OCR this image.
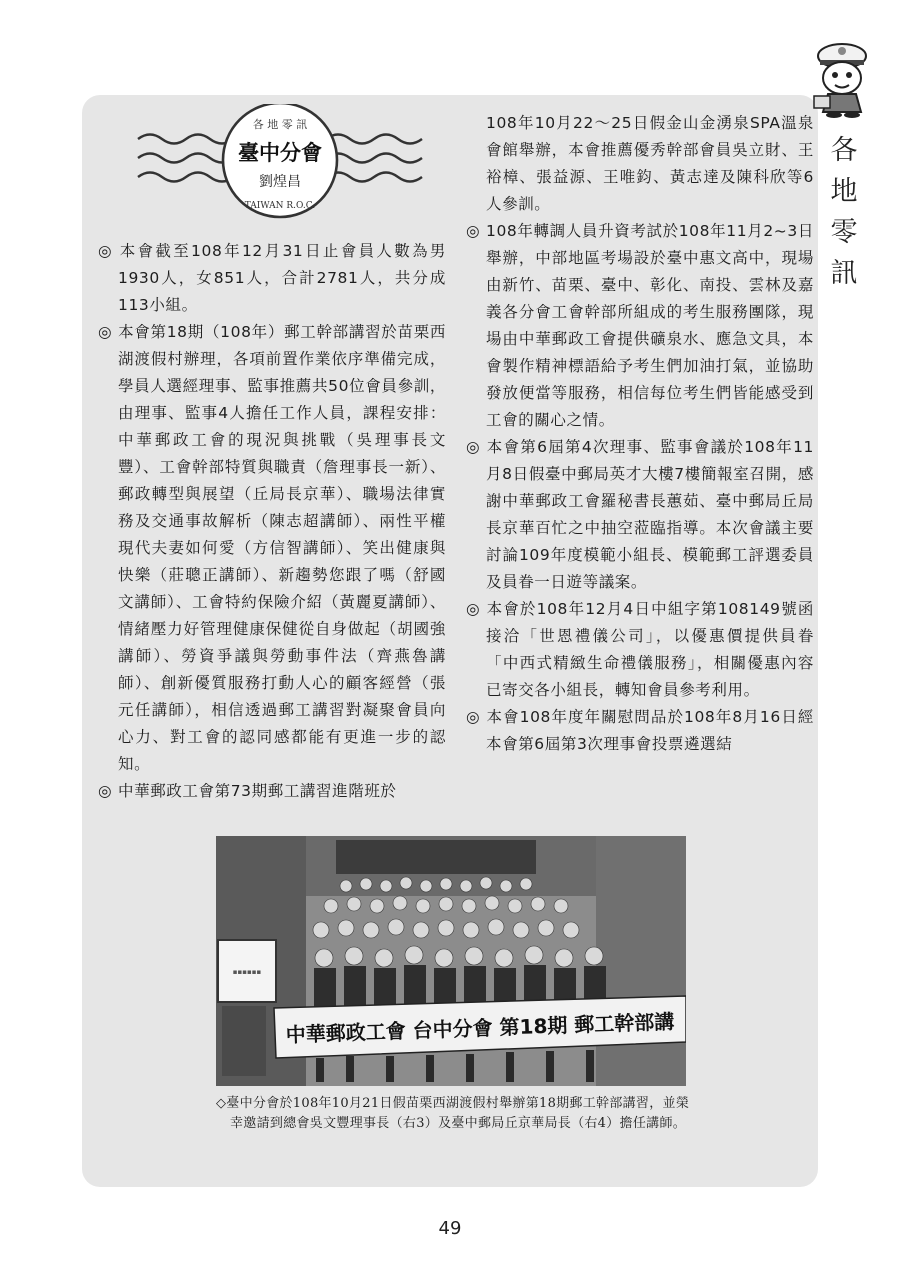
各 地 零 訊
臺中分會
劉煌昌
TAIWAN R.O.C.
各
地
零
訊

◎ 本會截至108年12月31日止會員人數為男1930人，女851人，合計2781人，共分成113小組。

◎ 本會第18期（108年）郵工幹部講習於苗栗西湖渡假村辦理，各項前置作業依序準備完成，學員人選經理事、監事推薦共50位會員參訓，由理事、監事4人擔任工作人員，課程安排：中華郵政工會的現況與挑戰（吳理事長文豐）、工會幹部特質與職責（詹理事長一新）、郵政轉型與展望（丘局長京華）、職場法律實務及交通事故解析（陳志超講師）、兩性平權現代夫妻如何愛（方信智講師）、笑出健康與快樂（莊聰正講師）、新趨勢您跟了嗎（舒國文講師）、工會特約保險介紹（黃麗夏講師）、情緒壓力好管理健康保健從自身做起（胡國強講師）、勞資爭議與勞動事件法（齊燕魯講師）、創新優質服務打動人心的顧客經營（張元任講師），相信透過郵工講習對凝聚會員向心力、對工會的認同感都能有更進一步的認知。

◎ 中華郵政工會第73期郵工講習進階班於

108年10月22～25日假金山金湧泉SPA溫泉會館舉辦，本會推薦優秀幹部會員吳立財、王裕樟、張益源、王唯鈞、黃志達及陳科欣等6人參訓。

◎ 108年轉調人員升資考試於108年11月2~3日舉辦，中部地區考場設於臺中惠文高中，現場由新竹、苗栗、臺中、彰化、南投、雲林及嘉義各分會工會幹部所組成的考生服務團隊，現場由中華郵政工會提供礦泉水、應急文具，本會製作精神標語給予考生們加油打氣，並協助發放便當等服務，相信每位考生們皆能感受到工會的關心之情。

◎ 本會第6屆第4次理事、監事會議於108年11月8日假臺中郵局英才大樓7樓簡報室召開，感謝中華郵政工會羅秘書長蕙茹、臺中郵局丘局長京華百忙之中抽空蒞臨指導。本次會議主要討論109年度模範小組長、模範郵工評選委員及員眷一日遊等議案。

◎ 本會於108年12月4日中組字第108149號函接洽「世恩禮儀公司」，以優惠價提供員眷「中西式精緻生命禮儀服務」，相關優惠內容已寄交各小組長，轉知會員參考利用。

◎ 本會108年度年關慰問品於108年8月16日經本會第6屆第3次理事會投票遴選結

▪▪▪▪▪▪
中華郵政工會 台中分會 第18期 郵工幹部講
◇臺中分會於108年10月21日假苗栗西湖渡假村舉辦第18期郵工幹部講習，並榮幸邀請到總會吳文豐理事長（右3）及臺中郵局丘京華局長（右4）擔任講師。
49
